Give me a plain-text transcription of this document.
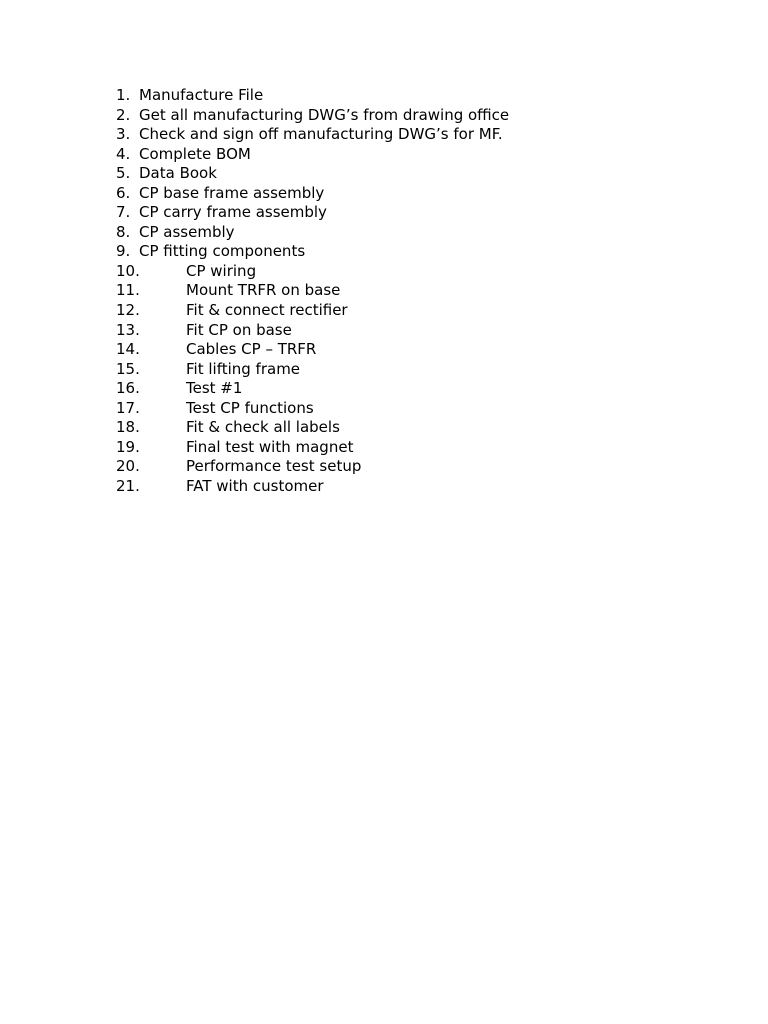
1. Manufacture File
2. Get all manufacturing DWG’s from drawing office
3. Check and sign off manufacturing DWG’s for MF.
4. Complete BOM
5. Data Book
6. CP base frame assembly
7. CP carry frame assembly
8. CP assembly
9. CP fitting components
10.	CP wiring
11.	Mount TRFR on base
12.	Fit & connect rectifier
13.	Fit CP on base
14.	Cables CP – TRFR
15.	Fit lifting frame
16.	Test #1
17.	Test CP functions
18.	Fit & check all labels
19.	Final test with magnet
20.	Performance test setup
21.	FAT with customer
